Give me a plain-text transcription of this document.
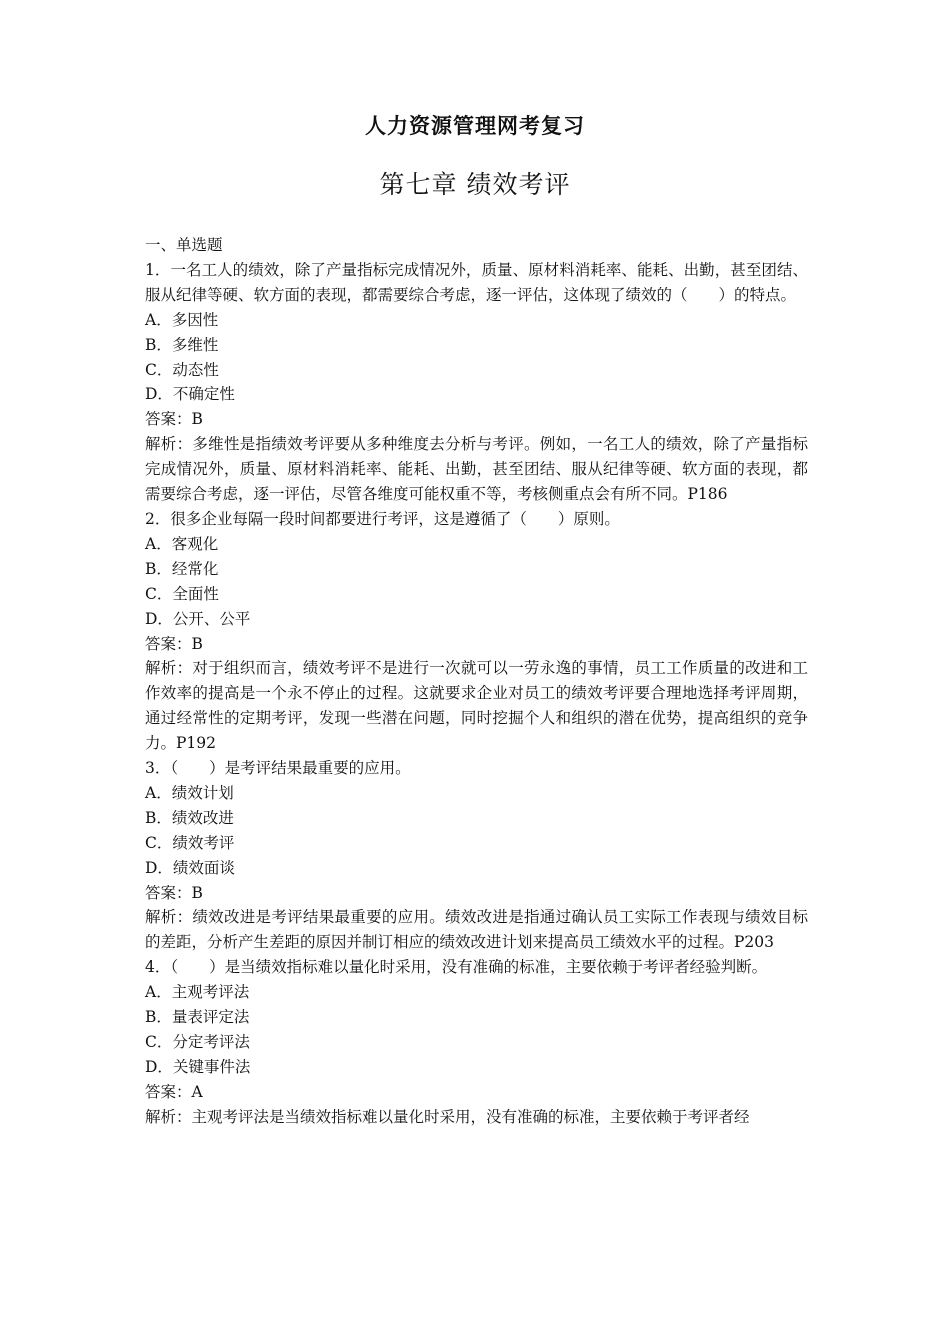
人力资源管理网考复习
第七章 绩效考评
一、单选题
1．一名工人的绩效，除了产量指标完成情况外，质量、原材料消耗率、能耗、出勤，甚至团结、服从纪律等硬、软方面的表现，都需要综合考虑，逐一评估，这体现了绩效的（　　）的特点。
A．多因性
B．多维性
C．动态性
D．不确定性
答案：B
解析：多维性是指绩效考评要从多种维度去分析与考评。例如，一名工人的绩效，除了产量指标完成情况外，质量、原材料消耗率、能耗、出勤，甚至团结、服从纪律等硬、软方面的表现，都需要综合考虑，逐一评估，尽管各维度可能权重不等，考核侧重点会有所不同。P186
2．很多企业每隔一段时间都要进行考评，这是遵循了（　　）原则。
A．客观化
B．经常化
C．全面性
D．公开、公平
答案：B
解析：对于组织而言，绩效考评不是进行一次就可以一劳永逸的事情，员工工作质量的改进和工作效率的提高是一个永不停止的过程。这就要求企业对员工的绩效考评要合理地选择考评周期，通过经常性的定期考评，发现一些潜在问题，同时挖掘个人和组织的潜在优势，提高组织的竞争力。P192
3．（　　）是考评结果最重要的应用。
A．绩效计划
B．绩效改进
C．绩效考评
D．绩效面谈
答案：B
解析：绩效改进是考评结果最重要的应用。绩效改进是指通过确认员工实际工作表现与绩效目标的差距，分析产生差距的原因并制订相应的绩效改进计划来提高员工绩效水平的过程。P203
4．（　　）是当绩效指标难以量化时采用，没有准确的标准，主要依赖于考评者经验判断。
A．主观考评法
B．量表评定法
C．分定考评法
D．关键事件法
答案：A
解析：主观考评法是当绩效指标难以量化时采用，没有准确的标准，主要依赖于考评者经
